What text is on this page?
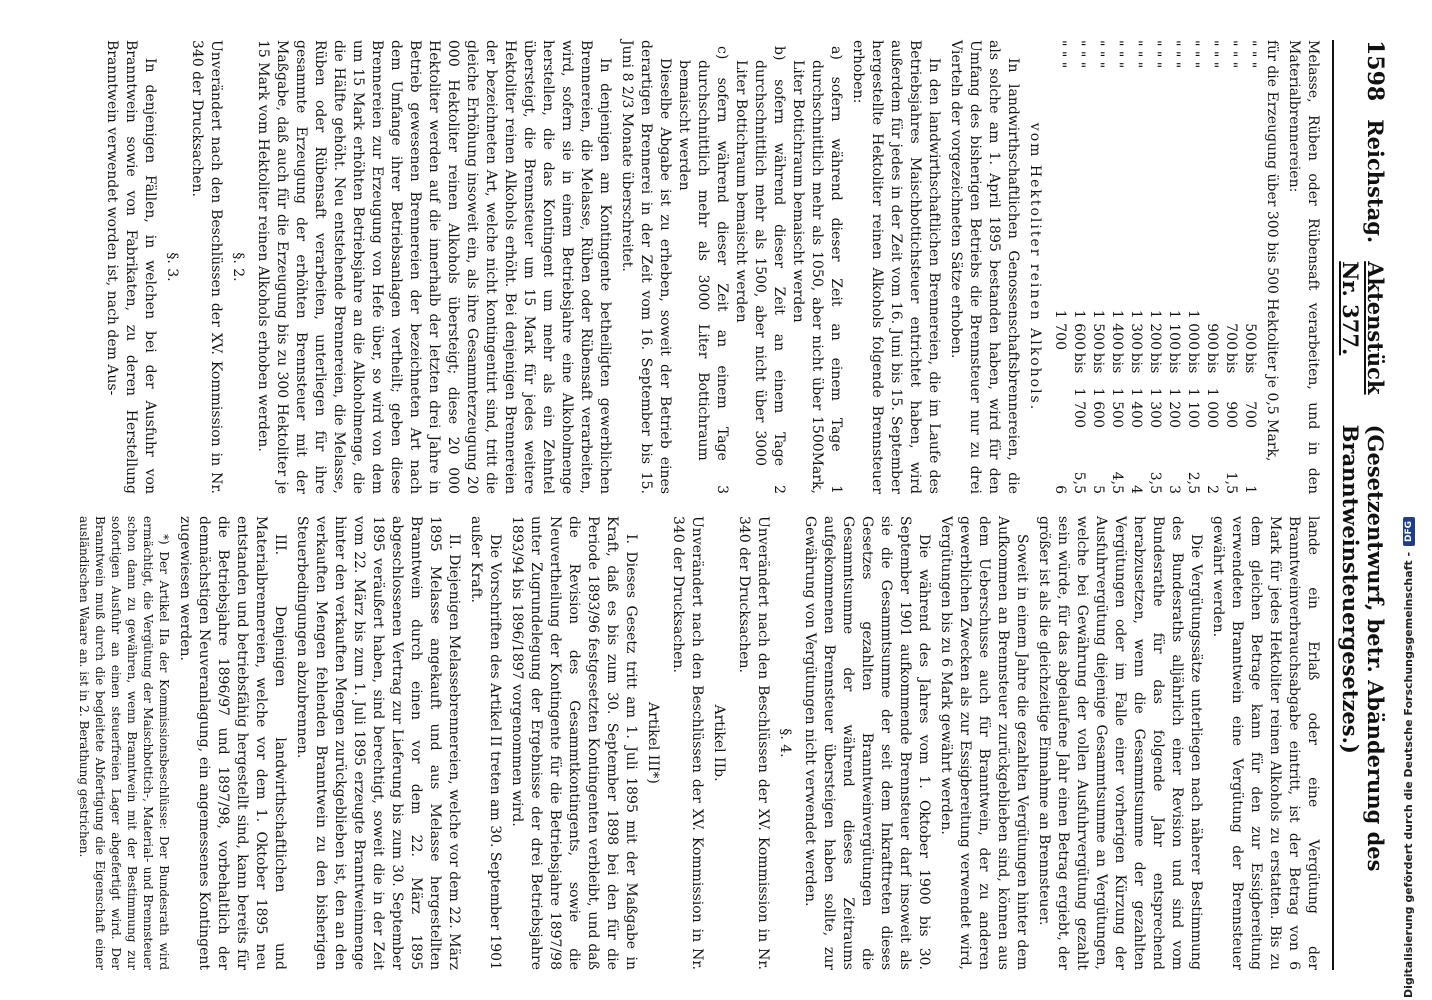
1598
Reichstag.
Aktenstück Nr. 377.
(Gesetzentwurf, betr. Abänderung des Branntweinsteuergesetzes.)

Melasse, Rüben oder Rübensaft verarbeiten, und in den Materialbrennereien:

für die Erzeugung über 300 bis 500 Hektoliter je 0,5 Mark,

" " "
500
bis
700
1
" " "
700
bis
900
1,5
" " "
900
bis
1 000
2
" " "
1 000
bis
1 100
2,5
" " "
1 100
bis
1 200
3
" " "
1 200
bis
1 300
3,5
" " "
1 300
bis
1 400
4
" " "
1 400
bis
1 500
4,5
" " "
1 500
bis
1 600
5
" " "
1 600
bis
1 700
5,5
" " "
1 700
6

vom Hektoliter reinen Alkohols.

In landwirthschaftlichen Genossenschaftsbrennereien, die als solche am 1. April 1895 bestanden haben, wird für den Umfang des bisherigen Betriebs die Brennsteuer nur zu drei Vierteln der vorgezeichneten Sätze erhoben.

In den landwirthschaftlichen Brennereien, die im Laufe des Betriebsjahres Maischbottichsteuer entrichtet haben, wird außerdem für jedes in der Zeit vom 16. Juni bis 15. September hergestellte Hektoliter reinen Alkohols folgende Brennsteuer erhoben:

a) sofern während dieser Zeit an einem Tage durchschnittlich mehr als 1050, aber nicht über 1500 Liter Bottichraum bemaischt werden
1 Mark,
b) sofern während dieser Zeit an einem Tage durchschnittlich mehr als 1500, aber nicht über 3000 Liter Bottichraum bemaischt werden
2
c) sofern während dieser Zeit an einem Tage durchschnittlich mehr als 3000 Liter Bottichraum bemaischt werden
3

Dieselbe Abgabe ist zu erheben, soweit der Betrieb eines derartigen Brennerei in der Zeit vom 16. September bis 15. Juni 8 2/3 Monate überschreitet.

In denjenigen am Kontingente betheiligten gewerblichen Brennereien, die Melasse, Rüben oder Rübensaft verarbeiten, wird, sofern sie in einem Betriebsjahre eine Alkoholmenge herstellen, die das Kontingent um mehr als ein Zehntel übersteigt, die Brennsteuer um 15 Mark für jedes weitere Hektoliter reinen Alkohols erhöht. Bei denjenigen Brennereien der bezeichneten Art, welche nicht kontingentirt sind, tritt die gleiche Erhöhung insoweit ein, als ihre Gesammterzeugung 20 000 Hektoliter reinen Alkohols übersteigt; diese 20 000 Hektoliter werden auf die innerhalb der letzten drei Jahre in Betrieb gewesenen Brennereien der bezeichneten Art nach dem Umfange ihrer Betriebsanlagen vertheilt; geben diese Brennereien zur Erzeugung von Hefe über, so wird von dem um 15 Mark erhöhten Betriebsjahre an die Alkoholmenge, die die Hälfte gehöht. Neu entstehende Brennereien, die Melasse, Rüben oder Rübensaft verarbeiten, unterliegen für ihre gesammte Erzeugung der erhöhten Brennsteuer mit der Maßgabe, daß auch für die Erzeugung bis zu 300 Hektoliter je 15 Mark vom Hektoliter reinen Alkohols erhoben werden.

§. 2.

Unverändert nach den Beschlüssen der XV. Kommission in Nr. 340 der Drucksachen.

§. 3.

In denjenigen Fällen, in welchen bei der Ausfuhr von Branntwein sowie von Fabrikaten, zu deren Herstellung Branntwein verwendet worden ist, nach dem Aus-

lande ein Erlaß oder eine Vergütung der Branntweinverbrauchsabgabe eintritt, ist der Betrag von 6 Mark für jedes Hektoliter reinen Alkohols zu erstatten. Bis zu dem gleichen Betrage kann für den zur Essigbereitung verwendeten Branntwein eine Vergütung der Brennsteuer gewährt werden.

Die Vergütungssätze unterliegen nach näherer Bestimmung des Bundesraths alljährlich einer Revision und sind vom Bundesrathe für das folgende Jahr entsprechend herabzusetzen, wenn die Gesammtsumme der gezahlten Vergütungen oder im Falle einer vorherigen Kürzung der Ausfuhrvergütung diejenige Gesammtsumme an Vergütungen, welche bei Gewährung der vollen Ausfuhrvergütung gezahlt sein würde, für das abgelaufene Jahr einen Betrag ergiebt, der größer ist als die gleichzeitige Einnahme an Brennsteuer.

Soweit in einem Jahre die gezahlten Vergütungen hinter dem Aufkommen an Brennsteuer zurückgeblieben sind, können aus dem Ueberschusse auch für Branntwein, der zu anderen gewerblichen Zwecken als zur Essigbereitung verwendet wird, Vergütungen bis zu 6 Mark gewährt werden.

Die während des Jahres vom 1. Oktober 1900 bis 30. September 1901 aufkommende Brennsteuer darf insoweit als sie die Gesammtsumme der seit dem Inkrafttreten dieses Gesetzes gezahlten Branntweinvergütungen die Gesammtsumme der während dieses Zeitraums aufgekommenen Brennsteuer übersteigen haben sollte, zur Gewährung von Vergütungen nicht verwendet werden.

§. 4.

Unverändert nach den Beschlüssen der XV. Kommission in Nr. 340 der Drucksachen.

Artikel IIb.

Unverändert nach den Beschlüssen der XV. Kommission in Nr. 340 der Drucksachen.

Artikel III*)

I. Dieses Gesetz tritt am 1. Juli 1895 mit der Maßgabe in Kraft, daß es bis zum 30. September 1898 bei den für die Periode 1893/96 festgesetzten Kontingenten verbleibt, und daß die Revision des Gesammtkontingents, sowie die Neuvertheilung der Kontingente für die Betriebsjahre 1897/98 unter Zugrundelegung der Ergebnisse der drei Betriebsjahre 1893/94 bis 1896/1897 vorgenommen wird.

Die Vorschriften des Artikel II treten am 30. September 1901 außer Kraft.

II. Diejenigen Melassebrennereien, welche vor dem 22. März 1895 Melasse angekauft und aus Melasse hergestellten Branntwein durch einen vor dem 22. März 1895 abgeschlossenen Vertrag zur Lieferung bis zum 30. September 1895 veräußert haben, sind berechtigt, soweit die in der Zeit vom 22. März bis zum 1. Juli 1895 erzeugte Branntweinmenge hinter den verkauften Mengen zurückgeblieben ist, den an den verkauften Mengen fehlenden Branntwein zu den bisherigen Steuerbedingungen abzubrennen.

III. Denjenigen landwirthschaftlichen und Materialbrennereien, welche vor dem 1. Oktober 1895 neu entstanden und betriebsfähig hergestellt sind, kann bereits für die Betriebsjahre 1896/97 und 1897/98, vorbehaltlich der demnächstigen Neuveranlagung, ein angemessenes Kontingent zugewiesen werden.

*) Der Artikel IIa der Kommissionsbeschlüsse: Der Bundesrath wird ermächtigt, die Vergütung der Maischbottich-, Material- und Brennsteuer schon dann zu gewähren, wenn Branntwein mit der Bestimmung zur sofortigen Ausfuhr an einen steuerfreien Lager abgefertigt wird. Der Branntwein muß durch die begleitete Abfertigung die Eigenschaft einer ausländischen Waare an. ist in 2. Berathung gestrichen.	Digitalisierung gefördert durch die Deutsche Forschungsgemeinschaft -
DFG
